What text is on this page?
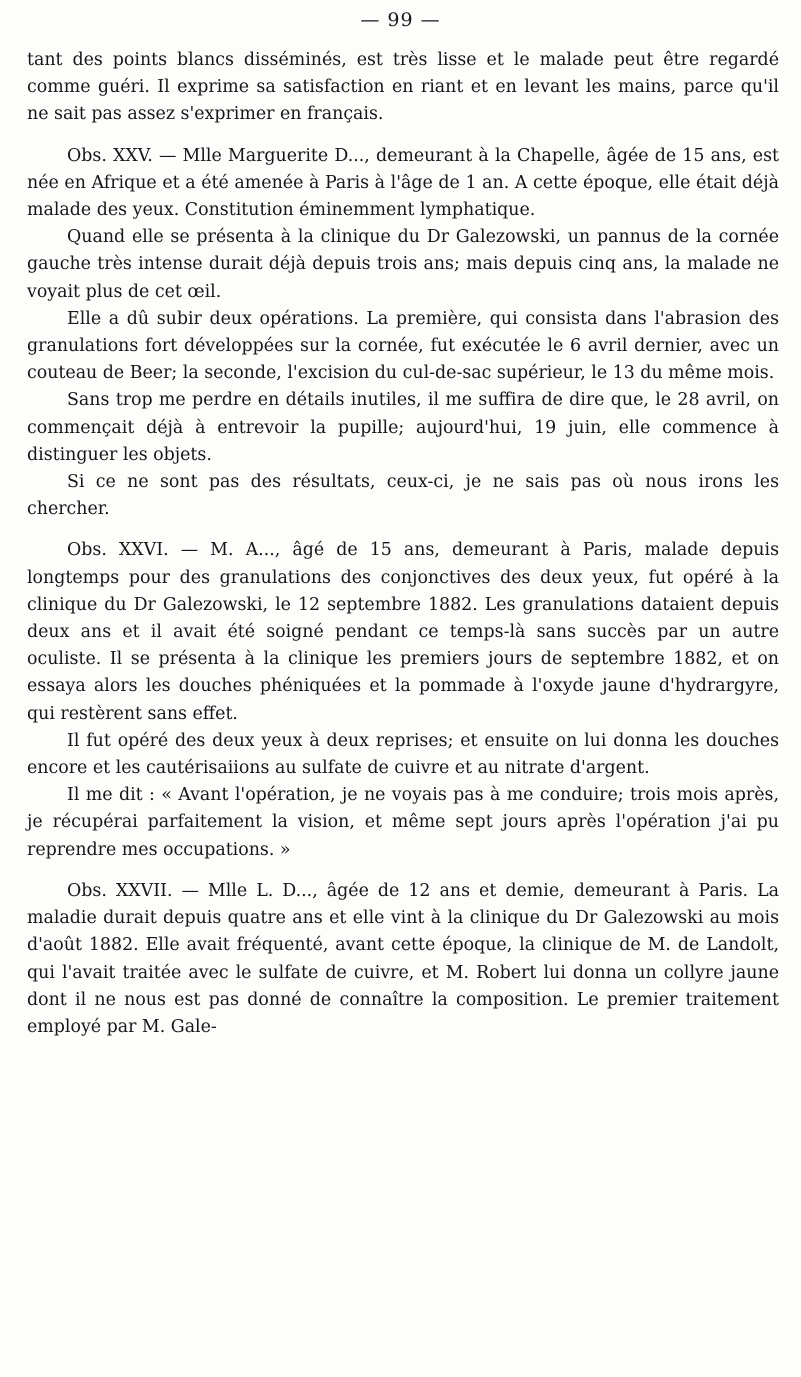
— 99 —

tant des points blancs disséminés, est très lisse et le malade peut être regardé comme guéri. Il exprime sa satisfaction en riant et en levant les mains, parce qu'il ne sait pas assez s'exprimer en français.

Obs. XXV. — Mlle Marguerite D..., demeurant à la Chapelle, âgée de 15 ans, est née en Afrique et a été amenée à Paris à l'âge de 1 an. A cette époque, elle était déjà malade des yeux. Constitution éminemment lymphatique.

Quand elle se présenta à la clinique du Dr Galezowski, un pannus de la cornée gauche très intense durait déjà depuis trois ans; mais depuis cinq ans, la malade ne voyait plus de cet œil.

Elle a dû subir deux opérations. La première, qui consista dans l'abrasion des granulations fort développées sur la cornée, fut exécutée le 6 avril dernier, avec un couteau de Beer; la seconde, l'excision du cul-de-sac supérieur, le 13 du même mois.

Sans trop me perdre en détails inutiles, il me suffira de dire que, le 28 avril, on commençait déjà à entrevoir la pupille; aujourd'hui, 19 juin, elle commence à distinguer les objets.

Si ce ne sont pas des résultats, ceux-ci, je ne sais pas où nous irons les chercher.

Obs. XXVI. — M. A..., âgé de 15 ans, demeurant à Paris, malade depuis longtemps pour des granulations des conjonctives des deux yeux, fut opéré à la clinique du Dr Galezowski, le 12 septembre 1882. Les granulations dataient depuis deux ans et il avait été soigné pendant ce temps-là sans succès par un autre oculiste. Il se présenta à la clinique les premiers jours de septembre 1882, et on essaya alors les douches phéniquées et la pommade à l'oxyde jaune d'hydrargyre, qui restèrent sans effet.

Il fut opéré des deux yeux à deux reprises; et ensuite on lui donna les douches encore et les cautérisaiions au sulfate de cuivre et au nitrate d'argent.

Il me dit : « Avant l'opération, je ne voyais pas à me conduire; trois mois après, je récupérai parfaitement la vision, et même sept jours après l'opération j'ai pu reprendre mes occupations. »

Obs. XXVII. — Mlle L. D..., âgée de 12 ans et demie, demeurant à Paris. La maladie durait depuis quatre ans et elle vint à la clinique du Dr Galezowski au mois d'août 1882. Elle avait fréquenté, avant cette époque, la clinique de M. de Landolt, qui l'avait traitée avec le sulfate de cuivre, et M. Robert lui donna un collyre jaune dont il ne nous est pas donné de connaître la composition. Le premier traitement employé par M. Gale-
